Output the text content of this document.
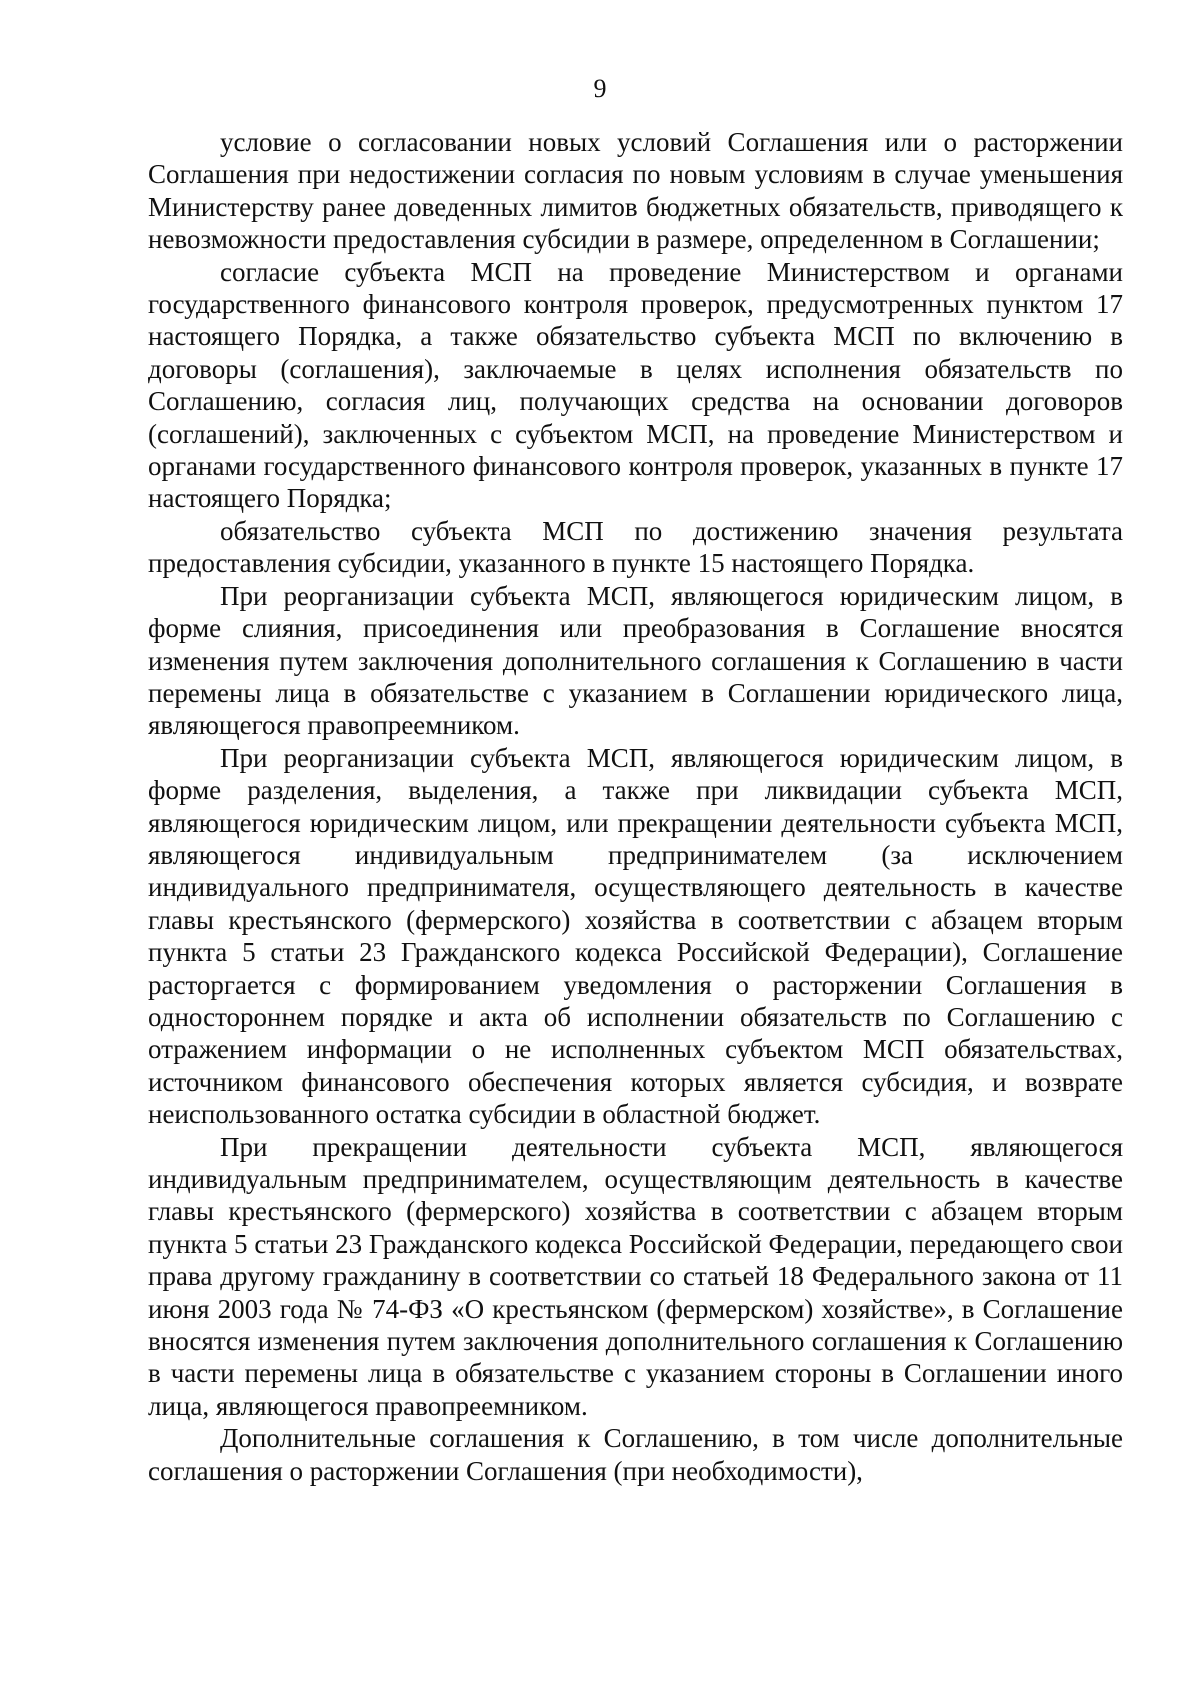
9

условие о согласовании новых условий Соглашения или о расторжении Соглашения при недостижении согласия по новым условиям в случае уменьшения Министерству ранее доведенных лимитов бюджетных обязательств, приводящего к невозможности предоставления субсидии в размере, определенном в Соглашении;

согласие субъекта МСП на проведение Министерством и органами государственного финансового контроля проверок, предусмотренных пунктом 17 настоящего Порядка, а также обязательство субъекта МСП по включению в договоры (соглашения), заключаемые в целях исполнения обязательств по Соглашению, согласия лиц, получающих средства на основании договоров (соглашений), заключенных с субъектом МСП, на проведение Министерством и органами государственного финансового контроля проверок, указанных в пункте 17 настоящего Порядка;

обязательство субъекта МСП по достижению значения результата предоставления субсидии, указанного в пункте 15 настоящего Порядка.

При реорганизации субъекта МСП, являющегося юридическим лицом, в форме слияния, присоединения или преобразования в Соглашение вносятся изменения путем заключения дополнительного соглашения к Соглашению в части перемены лица в обязательстве с указанием в Соглашении юридического лица, являющегося правопреемником.

При реорганизации субъекта МСП, являющегося юридическим лицом, в форме разделения, выделения, а также при ликвидации субъекта МСП, являющегося юридическим лицом, или прекращении деятельности субъекта МСП, являющегося индивидуальным предпринимателем (за исключением индивидуального предпринимателя, осуществляющего деятельность в качестве главы крестьянского (фермерского) хозяйства в соответствии с абзацем вторым пункта 5 статьи 23 Гражданского кодекса Российской Федерации), Соглашение расторгается с формированием уведомления о расторжении Соглашения в одностороннем порядке и акта об исполнении обязательств по Соглашению с отражением информации о не исполненных субъектом МСП обязательствах, источником финансового обеспечения которых является субсидия, и возврате неиспользованного остатка субсидии в областной бюджет.

При прекращении деятельности субъекта МСП, являющегося индивидуальным предпринимателем, осуществляющим деятельность в качестве главы крестьянского (фермерского) хозяйства в соответствии с абзацем вторым пункта 5 статьи 23 Гражданского кодекса Российской Федерации, передающего свои права другому гражданину в соответствии со статьей 18 Федерального закона от 11 июня 2003 года № 74-ФЗ «О крестьянском (фермерском) хозяйстве», в Соглашение вносятся изменения путем заключения дополнительного соглашения к Соглашению в части перемены лица в обязательстве с указанием стороны в Соглашении иного лица, являющегося правопреемником.

Дополнительные соглашения к Соглашению, в том числе дополнительные соглашения о расторжении Соглашения (при необходимости),
